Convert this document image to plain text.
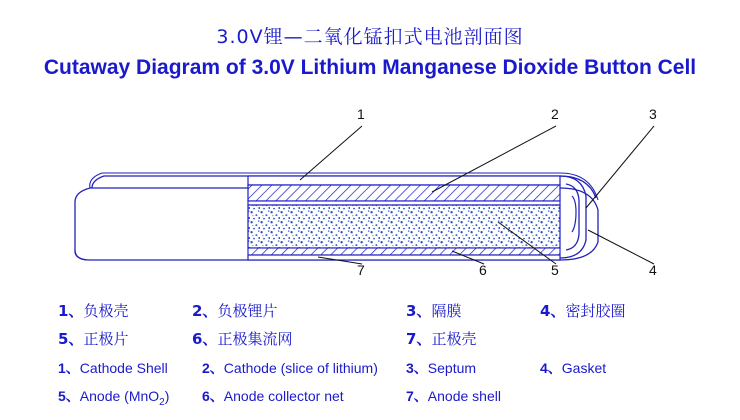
3.0V锂—二氧化锰扣式电池剖面图
Cutaway Diagram of 3.0V Lithium Manganese Dioxide Button Cell
1	2	3
7	6	5	4
1、负极壳	2、负极锂片	3、隔膜	4、密封胶圈
5、正极片	6、正极集流网	7、正极壳
1、Cathode Shell 2、Cathode (slice of lithium) 3、Septum	4、Gasket
5、Anode (MnO$_2$) 6、Anode collector net	7、Anode shell
